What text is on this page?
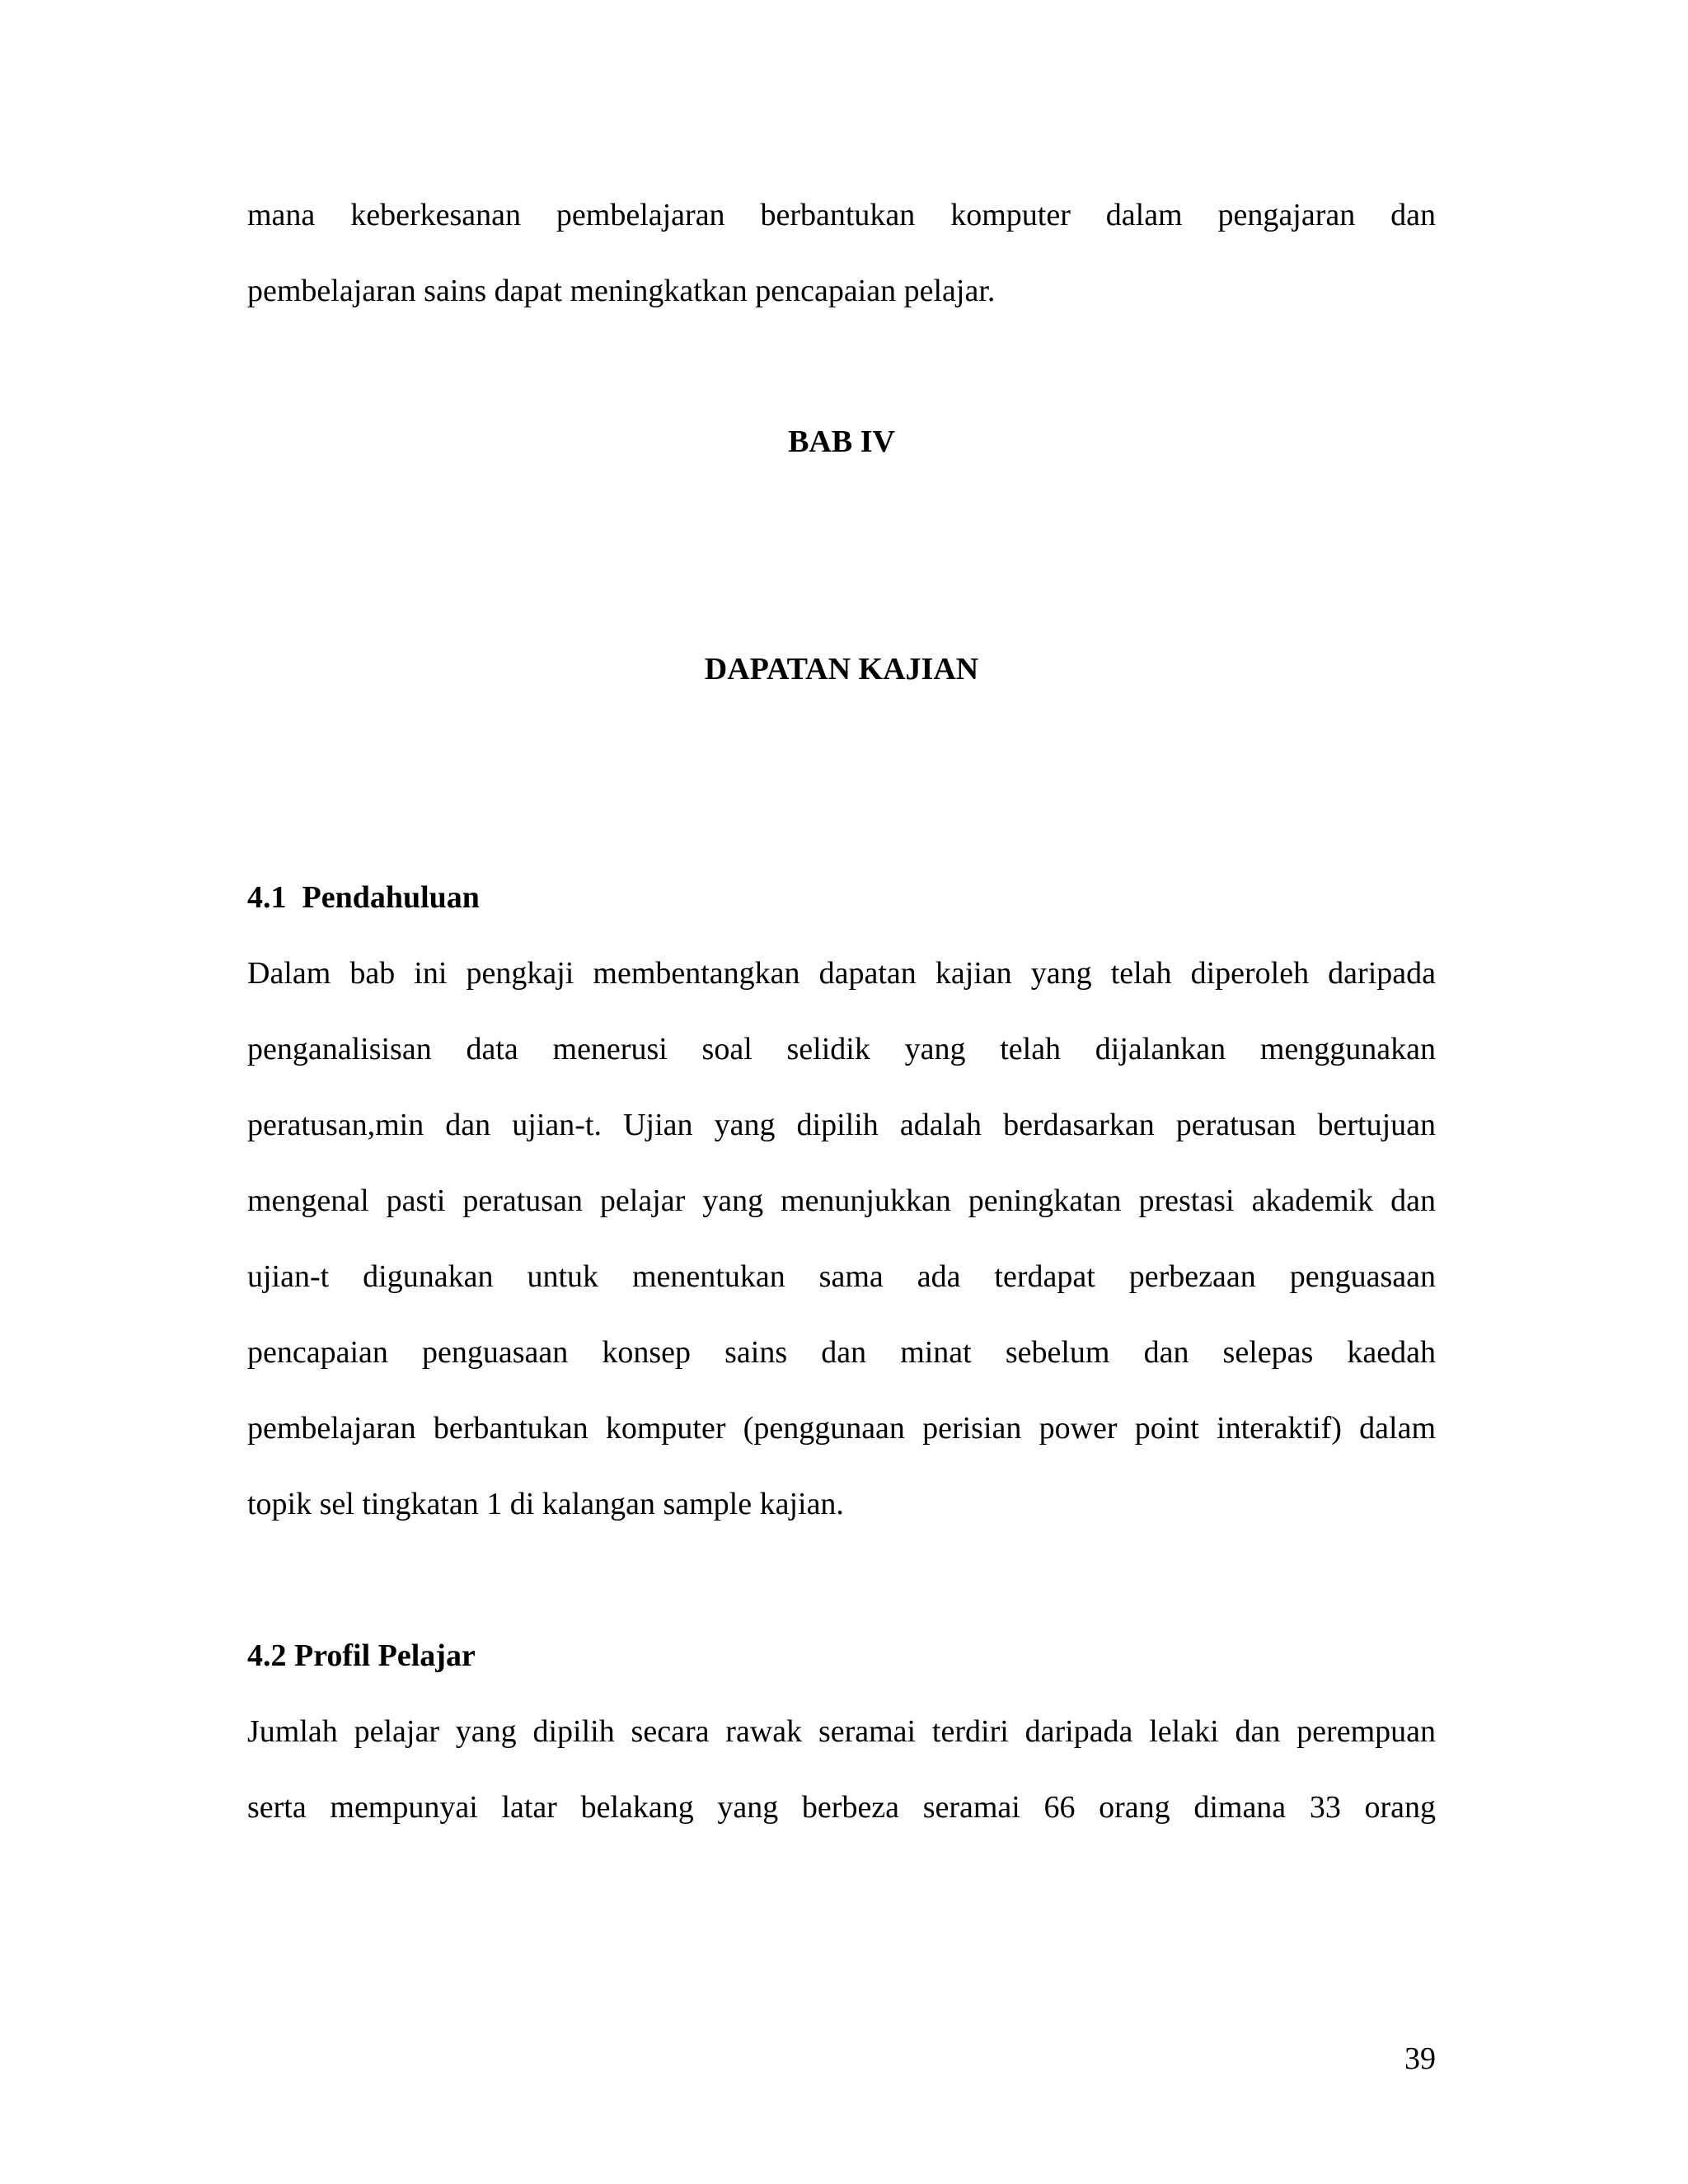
mana keberkesanan pembelajaran berbantukan komputer dalam pengajaran dan
pembelajaran sains dapat meningkatkan pencapaian pelajar.
BAB IV
DAPATAN KAJIAN
4.1  Pendahuluan
Dalam bab ini pengkaji membentangkan dapatan kajian yang telah diperoleh daripada
penganalisisan data menerusi soal selidik yang telah dijalankan menggunakan
peratusan,min dan ujian-t. Ujian yang dipilih adalah berdasarkan peratusan bertujuan
mengenal pasti peratusan pelajar yang menunjukkan peningkatan prestasi akademik dan
ujian-t digunakan untuk menentukan sama ada terdapat perbezaan penguasaan
pencapaian penguasaan konsep sains dan minat sebelum dan selepas kaedah
pembelajaran berbantukan komputer (penggunaan perisian power point interaktif) dalam
topik sel tingkatan 1 di kalangan sample kajian.
4.2 Profil Pelajar
Jumlah pelajar yang dipilih secara rawak seramai terdiri daripada lelaki dan perempuan
serta mempunyai latar belakang yang berbeza seramai 66 orang dimana 33 orang
39
